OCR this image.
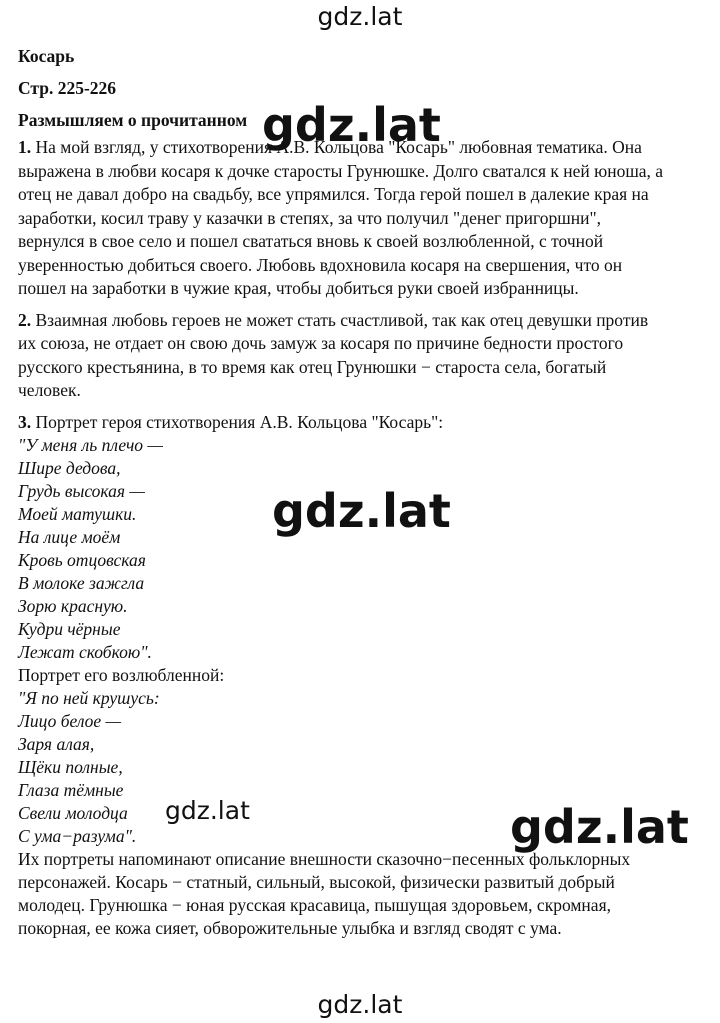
gdz.lat
gdz.lat
gdz.lat
gdz.lat	gdz.lat
gdz.lat
Косарь
Стр. 225-226
Размышляем о прочитанном
1. На мой взгляд, у стихотворения А.В. Кольцова "Косарь" любовная тематика. Она
выражена в любви косаря к дочке старосты Грунюшке. Долго сватался к ней юноша, а
отец не давал добро на свадьбу, все упрямился. Тогда герой пошел в далекие края на
заработки, косил траву у казачки в степях, за что получил "денег пригоршни",
вернулся в свое село и пошел свататься вновь к своей возлюбленной, с точной
уверенностью добиться своего. Любовь вдохновила косаря на свершения, что он
пошел на заработки в чужие края, чтобы добиться руки своей избранницы.
2. Взаимная любовь героев не может стать счастливой, так как отец девушки против
их союза, не отдает он свою дочь замуж за косаря по причине бедности простого
русского крестьянина, в то время как отец Грунюшки − староста села, богатый
человек.
3. Портрет героя стихотворения А.В. Кольцова "Косарь":
"У меня ль плечо —
Шире дедова,
Грудь высокая —
Моей матушки.
На лице моём
Кровь отцовская
В молоке зажгла
Зорю красную.
Кудри чёрные
Лежат скобкою".
Портрет его возлюбленной:
"Я по ней крушусь:
Лицо белое —
Заря алая,
Щёки полные,
Глаза тёмные
Свели молодца
С ума−разума".
Их портреты напоминают описание внешности сказочно−песенных фольклорных
персонажей. Косарь − статный, сильный, высокой, физически развитый добрый
молодец. Грунюшка − юная русская красавица, пышущая здоровьем, скромная,
покорная, ее кожа сияет, обворожительные улыбка и взгляд сводят с ума.
